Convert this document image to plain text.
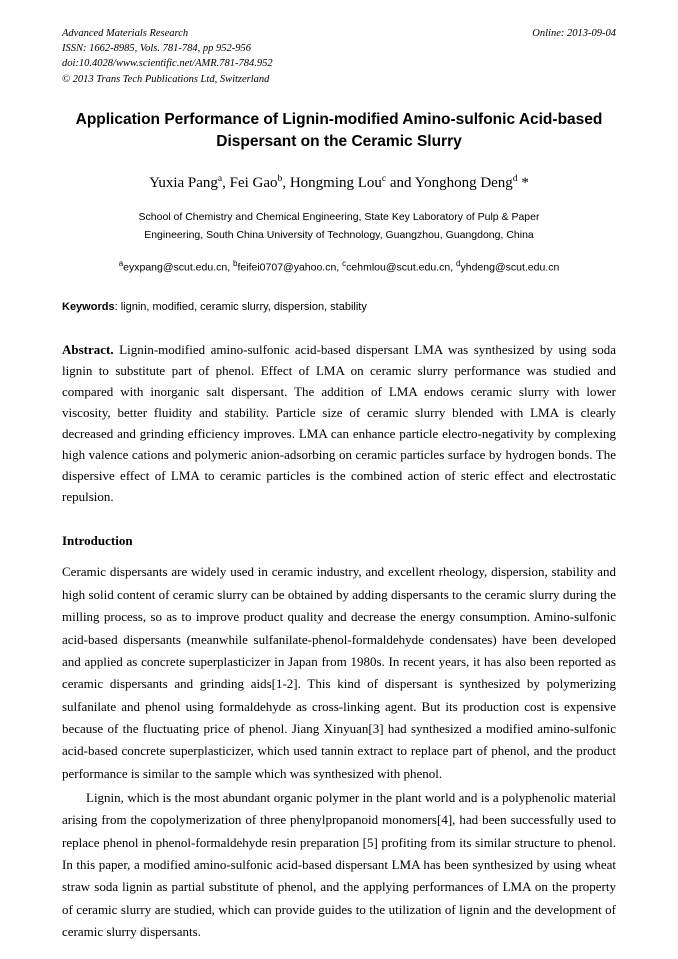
Online: 2013-09-04
Advanced Materials Research
ISSN: 1662-8985, Vols. 781-784, pp 952-956
doi:10.4028/www.scientific.net/AMR.781-784.952
© 2013 Trans Tech Publications Ltd, Switzerland
Application Performance of Lignin-modified Amino-sulfonic Acid-based Dispersant on the Ceramic Slurry
Yuxia Pang$^a$, Fei Gao$^b$, Hongming Lou$^c$ and Yonghong Deng$^d$ *
School of Chemistry and Chemical Engineering, State Key Laboratory of Pulp & Paper
Engineering, South China University of Technology, Guangzhou, Guangdong, China
$^a$eyxpang@scut.edu.cn, $^b$feifei0707@yahoo.cn, $^c$cehmlou@scut.edu.cn, $^d$yhdeng@scut.edu.cn
Keywords: lignin, modified, ceramic slurry, dispersion, stability
Abstract. Lignin-modified amino-sulfonic acid-based dispersant LMA was synthesized by using soda lignin to substitute part of phenol. Effect of LMA on ceramic slurry performance was studied and compared with inorganic salt dispersant. The addition of LMA endows ceramic slurry with lower viscosity, better fluidity and stability. Particle size of ceramic slurry blended with LMA is clearly decreased and grinding efficiency improves. LMA can enhance particle electro-negativity by complexing high valence cations and polymeric anion-adsorbing on ceramic particles surface by hydrogen bonds. The dispersive effect of LMA to ceramic particles is the combined action of steric effect and electrostatic repulsion.
Introduction
Ceramic dispersants are widely used in ceramic industry, and excellent rheology, dispersion, stability and high solid content of ceramic slurry can be obtained by adding dispersants to the ceramic slurry during the milling process, so as to improve product quality and decrease the energy consumption. Amino-sulfonic acid-based dispersants (meanwhile sulfanilate-phenol-formaldehyde condensates) have been developed and applied as concrete superplasticizer in Japan from 1980s. In recent years, it has also been reported as ceramic dispersants and grinding aids[1-2]. This kind of dispersant is synthesized by polymerizing sulfanilate and phenol using formaldehyde as cross-linking agent. But its production cost is expensive because of the fluctuating price of phenol. Jiang Xinyuan[3] had synthesized a modified amino-sulfonic acid-based concrete superplasticizer, which used tannin extract to replace part of phenol, and the product performance is similar to the sample which was synthesized with phenol.
Lignin, which is the most abundant organic polymer in the plant world and is a polyphenolic material arising from the copolymerization of three phenylpropanoid monomers[4], had been successfully used to replace phenol in phenol-formaldehyde resin preparation [5] profiting from its similar structure to phenol. In this paper, a modified amino-sulfonic acid-based dispersant LMA has been synthesized by using wheat straw soda lignin as partial substitute of phenol, and the applying performances of LMA on the property of ceramic slurry are studied, which can provide guides to the utilization of lignin and the development of ceramic slurry dispersants.
